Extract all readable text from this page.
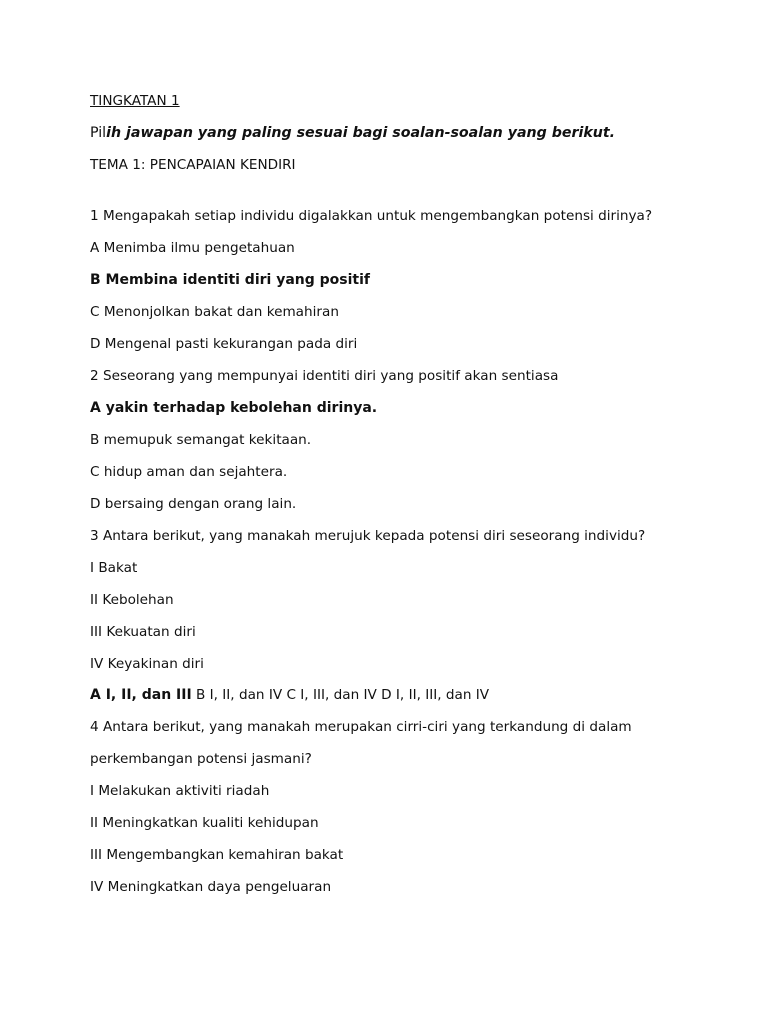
TINGKATAN 1
Pilih jawapan yang paling sesuai bagi soalan-soalan yang berikut.
TEMA 1: PENCAPAIAN KENDIRI
1 Mengapakah setiap individu digalakkan untuk mengembangkan potensi dirinya?
A Menimba ilmu pengetahuan
B Membina identiti diri yang positif
C Menonjolkan bakat dan kemahiran
D Mengenal pasti kekurangan pada diri
2 Seseorang yang mempunyai identiti diri yang positif akan sentiasa
A yakin terhadap kebolehan dirinya.
B memupuk semangat kekitaan.
C hidup aman dan sejahtera.
D bersaing dengan orang lain.
3 Antara berikut, yang manakah merujuk kepada potensi diri seseorang individu?
I Bakat
II Kebolehan
III Kekuatan diri
IV Keyakinan diri
A I, II, dan III B I, II, dan IV C I, III, dan IV D I, II, III, dan IV
4 Antara berikut, yang manakah merupakan cirri-ciri yang terkandung di dalam
perkembangan potensi jasmani?
I Melakukan aktiviti riadah
II Meningkatkan kualiti kehidupan
III Mengembangkan kemahiran bakat
IV Meningkatkan daya pengeluaran
